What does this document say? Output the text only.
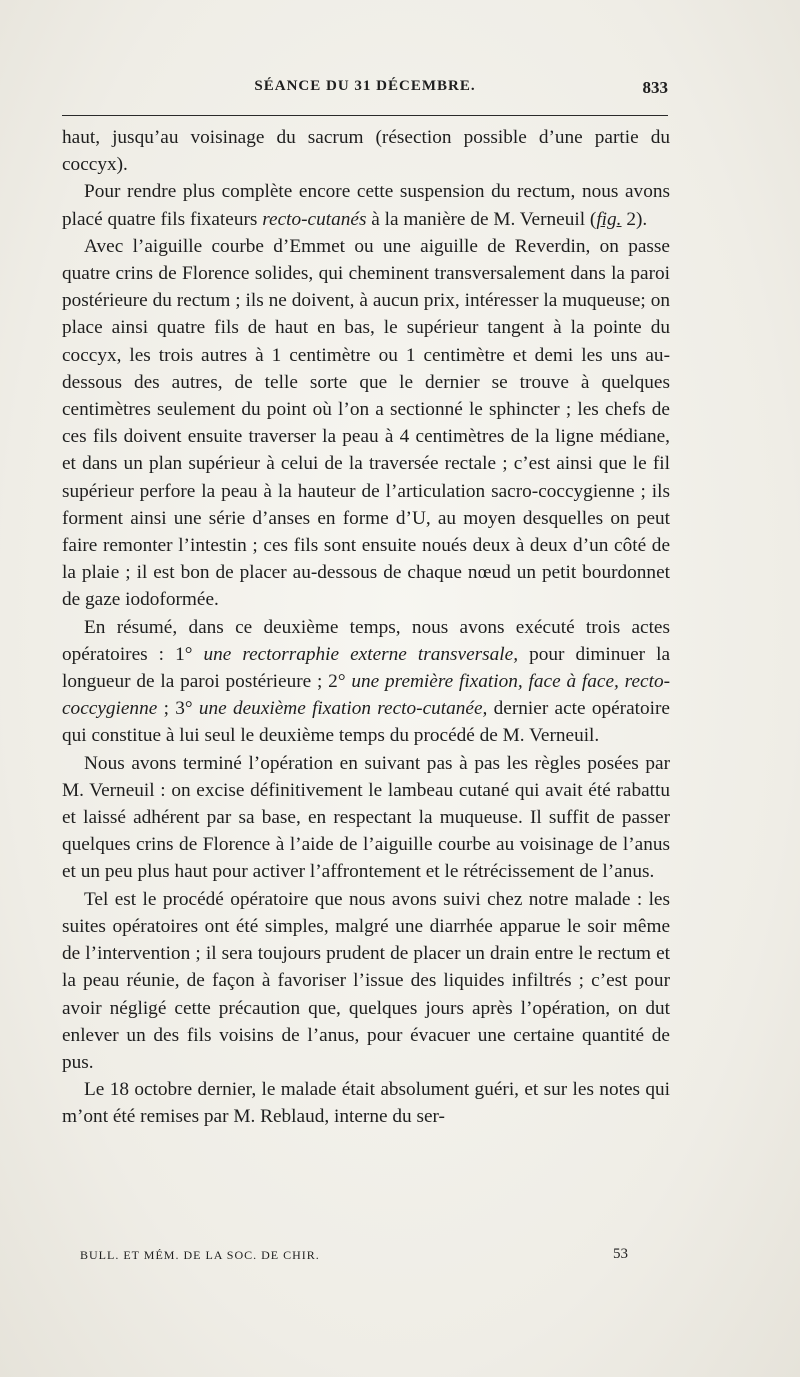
SÉANCE DU 31 DÉCEMBRE.	833

haut, jusqu’au voisinage du sacrum (résection possible d’une partie du coccyx).

Pour rendre plus complète encore cette suspension du rectum, nous avons placé quatre fils fixateurs recto-cutanés à la manière de M. Verneuil (fig. 2).

Avec l’aiguille courbe d’Emmet ou une aiguille de Reverdin, on passe quatre crins de Florence solides, qui cheminent transversalement dans la paroi postérieure du rectum ; ils ne doivent, à aucun prix, intéresser la muqueuse; on place ainsi quatre fils de haut en bas, le supérieur tangent à la pointe du coccyx, les trois autres à 1 centimètre ou 1 centimètre et demi les uns au-dessous des autres, de telle sorte que le dernier se trouve à quelques centimètres seulement du point où l’on a sectionné le sphincter ; les chefs de ces fils doivent ensuite traverser la peau à 4 centimètres de la ligne médiane, et dans un plan supérieur à celui de la traversée rectale ; c’est ainsi que le fil supérieur perfore la peau à la hauteur de l’articulation sacro-coccygienne ; ils forment ainsi une série d’anses en forme d’U, au moyen desquelles on peut faire remonter l’intestin ; ces fils sont ensuite noués deux à deux d’un côté de la plaie ; il est bon de placer au-dessous de chaque nœud un petit bourdonnet de gaze iodoformée.

En résumé, dans ce deuxième temps, nous avons exécuté trois actes opératoires : 1° une rectorraphie externe transversale, pour diminuer la longueur de la paroi postérieure ; 2° une première fixation, face à face, recto-coccygienne ; 3° une deuxième fixation recto-cutanée, dernier acte opératoire qui constitue à lui seul le deuxième temps du procédé de M. Verneuil.

Nous avons terminé l’opération en suivant pas à pas les règles posées par M. Verneuil : on excise définitivement le lambeau cutané qui avait été rabattu et laissé adhérent par sa base, en respectant la muqueuse. Il suffit de passer quelques crins de Florence à l’aide de l’aiguille courbe au voisinage de l’anus et un peu plus haut pour activer l’affrontement et le rétrécissement de l’anus.

Tel est le procédé opératoire que nous avons suivi chez notre malade : les suites opératoires ont été simples, malgré une diarrhée apparue le soir même de l’intervention ; il sera toujours prudent de placer un drain entre le rectum et la peau réunie, de façon à favoriser l’issue des liquides infiltrés ; c’est pour avoir négligé cette précaution que, quelques jours après l’opération, on dut enlever un des fils voisins de l’anus, pour évacuer une certaine quantité de pus.

Le 18 octobre dernier, le malade était absolument guéri, et sur les notes qui m’ont été remises par M. Reblaud, interne du ser-

BULL. ET MÉM. DE LA SOC. DE CHIR.	53
